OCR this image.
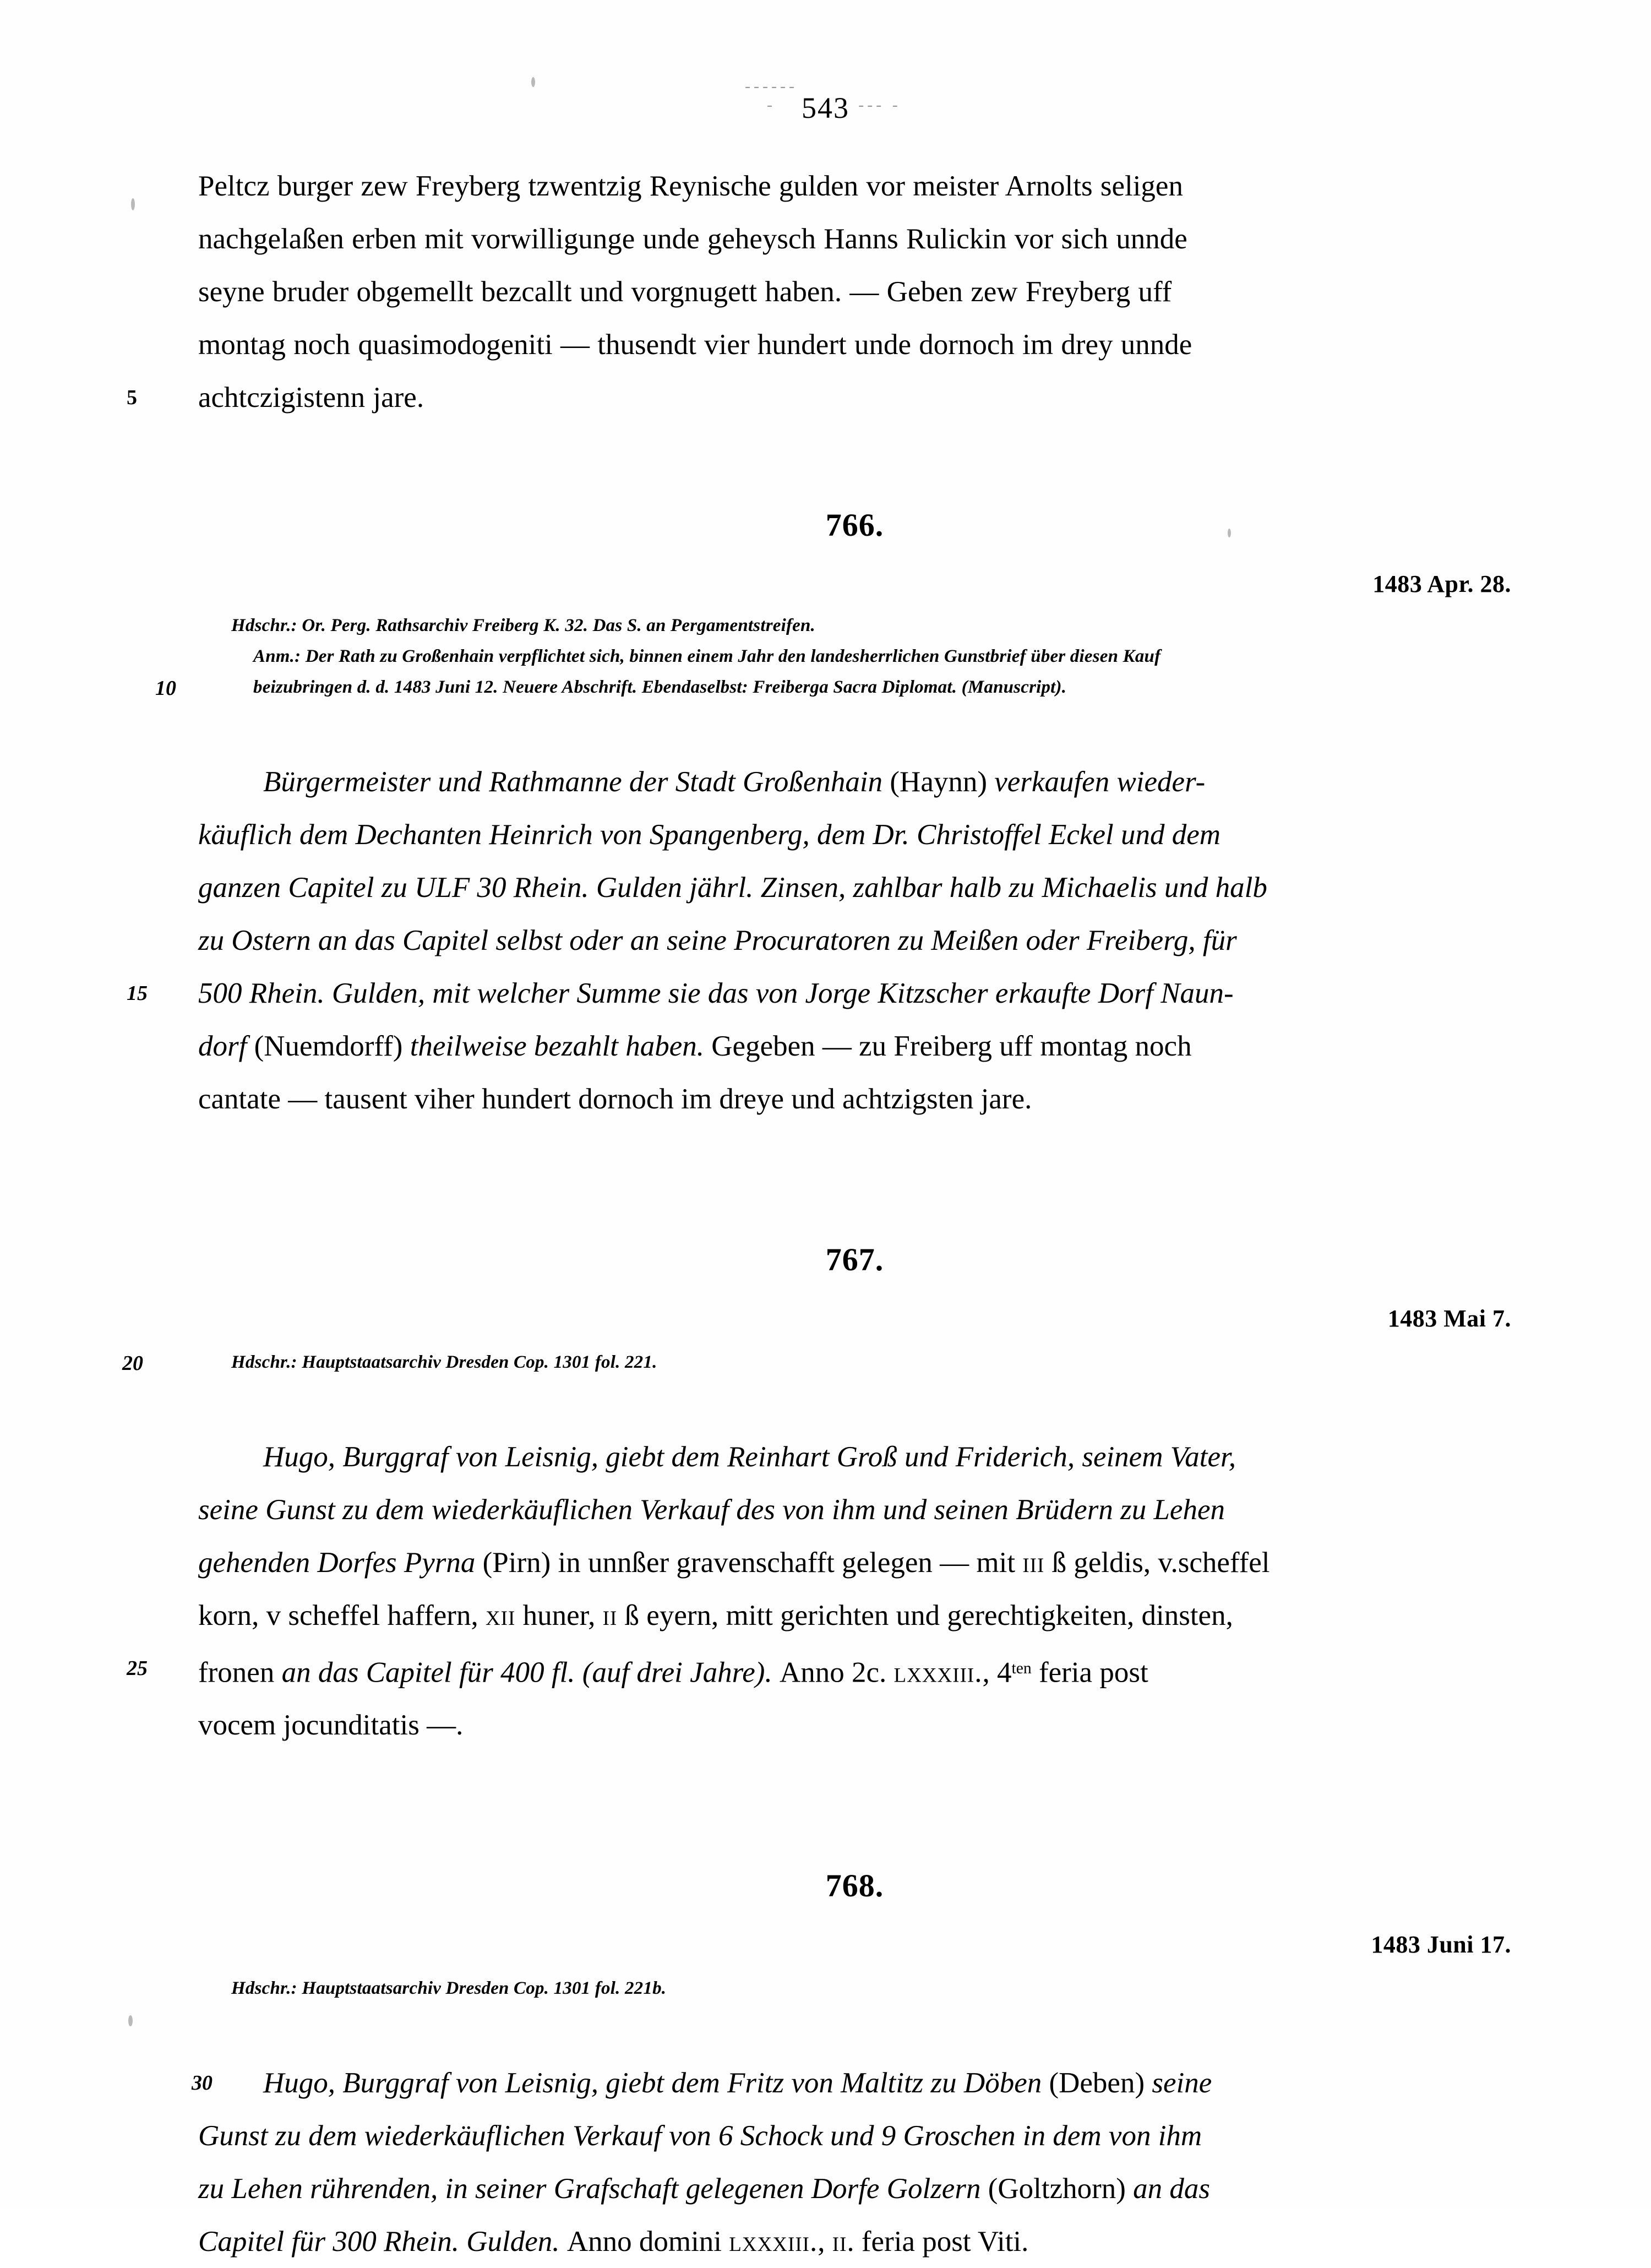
------- 543 --- -
Peltcz burger zew Freyberg tzwentzig Reynische gulden vor meister Arnolts seligen
nachgelaßen erben mit vorwilligunge unde geheysch Hanns Rulickin vor sich unnde
seyne bruder obgemellt bezcallt und vorgnugett haben. — Geben zew Freyberg uff
montag noch quasimodogeniti — thusendt vier hundert unde dornoch im drey unnde
5	achtczigistenn jare.
766.
1483 Apr. 28.
Hdschr.: Or. Perg. Rathsarchiv Freiberg K. 32. Das S. an Pergamentstreifen.
Anm.: Der Rath zu Großenhain verpflichtet sich, binnen einem Jahr den landesherrlichen Gunstbrief über diesen Kauf
10	beizubringen d. d. 1483 Juni 12. Neuere Abschrift. Ebendaselbst: Freiberga Sacra Diplomat. (Manuscript).
Bürgermeister und Rathmanne der Stadt Großenhain (Haynn) verkaufen wieder-
käuflich dem Dechanten Heinrich von Spangenberg, dem Dr. Christoffel Eckel und dem
ganzen Capitel zu ULF 30 Rhein. Gulden jährl. Zinsen, zahlbar halb zu Michaelis und halb
zu Ostern an das Capitel selbst oder an seine Procuratoren zu Meißen oder Freiberg, für
15	500 Rhein. Gulden, mit welcher Summe sie das von Jorge Kitzscher erkaufte Dorf Naun-
dorf (Nuemdorff) theilweise bezahlt haben. Gegeben — zu Freiberg uff montag noch
cantate — tausent viher hundert dornoch im dreye und achtzigsten jare.
767.
1483 Mai 7.
20	Hdschr.: Hauptstaatsarchiv Dresden Cop. 1301 fol. 221.
Hugo, Burggraf von Leisnig, giebt dem Reinhart Groß und Friderich, seinem Vater,
seine Gunst zu dem wiederkäuflichen Verkauf des von ihm und seinen Brüdern zu Lehen
gehenden Dorfes Pyrna (Pirn) in unnßer gravenschafft gelegen — mit iii ß geldis, v.scheffel
korn, v scheffel haffern, xii huner, ii ß eyern, mitt gerichten und gerechtigkeiten, dinsten,
25	fronen an das Capitel für 400 fl. (auf drei Jahre). Anno 2c. lxxxiii., $4^{ten}$ feria post
vocem jocunditatis —.
768.
1483 Juni 17.
Hdschr.: Hauptstaatsarchiv Dresden Cop. 1301 fol. 221b.
30 Hugo, Burggraf von Leisnig, giebt dem Fritz von Maltitz zu Döben (Deben) seine
Gunst zu dem wiederkäuflichen Verkauf von 6 Schock und 9 Groschen in dem von ihm
zu Lehen rührenden, in seiner Grafschaft gelegenen Dorfe Golzern (Goltzhorn) an das
Capitel für 300 Rhein. Gulden. Anno domini lxxxiii., ii. feria post Viti.
